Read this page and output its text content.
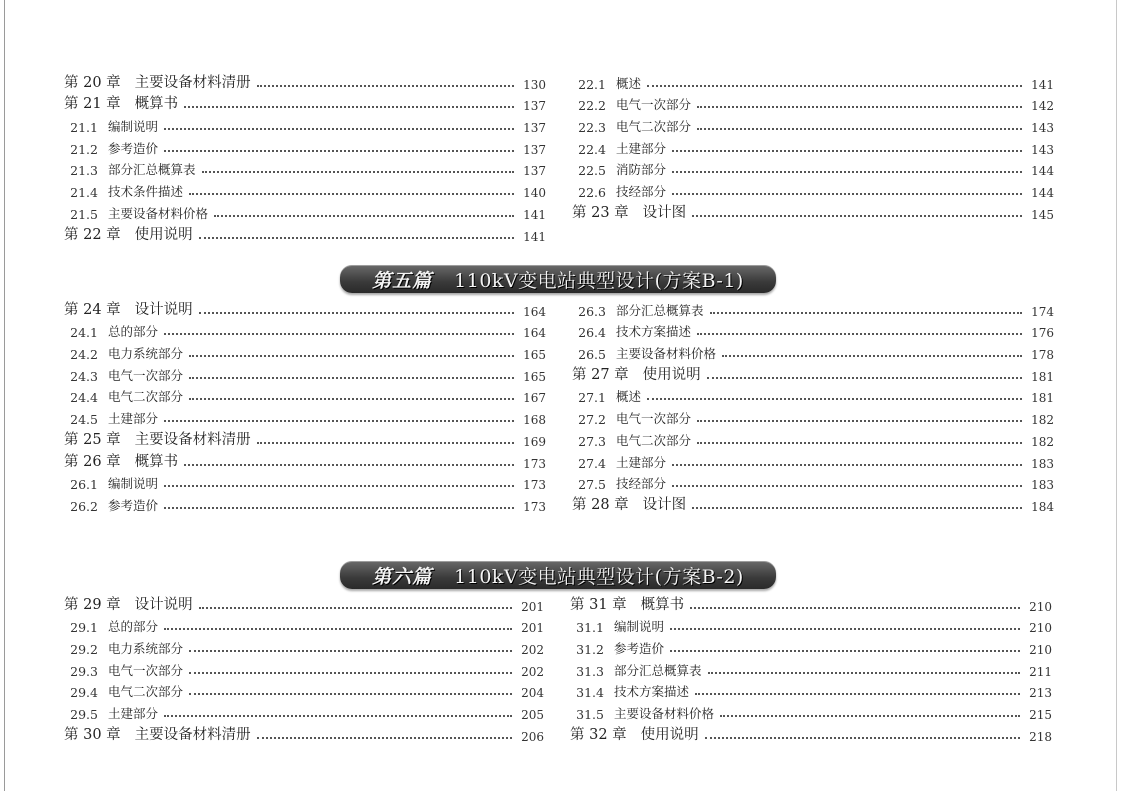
第 20 章 主要设备材料清册	130
第 21 章 概算书	137
21.1 编制说明	137
21.2 参考造价	137
21.3 部分汇总概算表	137
21.4 技术条件描述	140
21.5 主要设备材料价格	141
第 22 章 使用说明	141
22.1 概述	141
22.2 电气一次部分	142
22.3 电气二次部分	143
22.4 土建部分	143
22.5 消防部分	144
22.6 技经部分	144
第 23 章 设计图	145
第五篇 110kV变电站典型设计(方案B-1)
第 24 章 设计说明	164
24.1 总的部分	164
24.2 电力系统部分	165
24.3 电气一次部分	165
24.4 电气二次部分	167
24.5 土建部分	168
第 25 章 主要设备材料清册	169
第 26 章 概算书	173
26.1 编制说明	173
26.2 参考造价	173
26.3 部分汇总概算表	174
26.4 技术方案描述	176
26.5 主要设备材料价格	178
第 27 章 使用说明	181
27.1 概述	181
27.2 电气一次部分	182
27.3 电气二次部分	182
27.4 土建部分	183
27.5 技经部分	183
第 28 章 设计图	184
第六篇 110kV变电站典型设计(方案B-2)
第 29 章 设计说明	201
29.1 总的部分	201
29.2 电力系统部分	202
29.3 电气一次部分	202
29.4 电气二次部分	204
29.5 土建部分	205
第 30 章 主要设备材料清册	206
第 31 章 概算书	210
31.1 编制说明	210
31.2 参考造价	210
31.3 部分汇总概算表	211
31.4 技术方案描述	213
31.5 主要设备材料价格	215
第 32 章 使用说明	218
